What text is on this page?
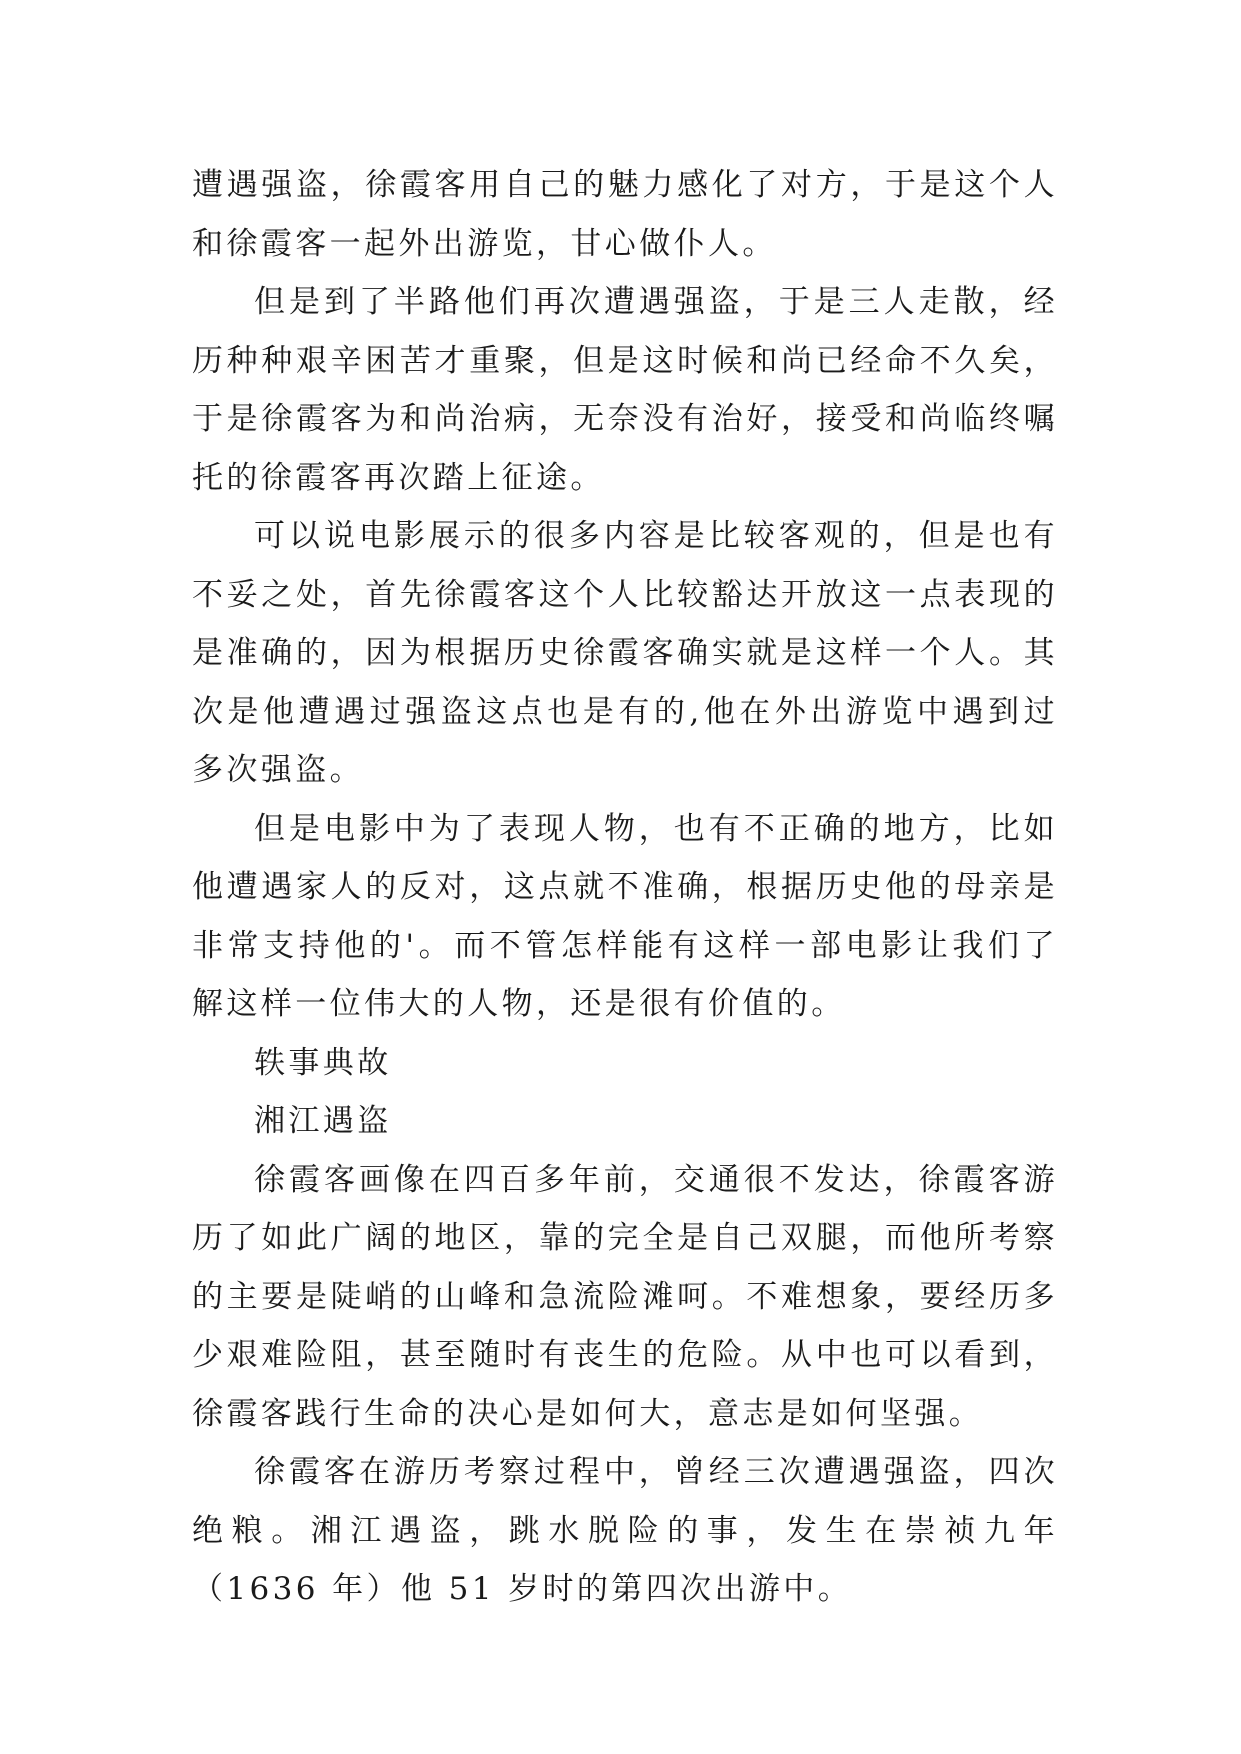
遭遇强盗，徐霞客用自己的魅力感化了对方，于是这个人和徐霞客一起外出游览，甘心做仆人。

但是到了半路他们再次遭遇强盗，于是三人走散，经历种种艰辛困苦才重聚，但是这时候和尚已经命不久矣，于是徐霞客为和尚治病，无奈没有治好，接受和尚临终嘱托的徐霞客再次踏上征途。

可以说电影展示的很多内容是比较客观的，但是也有不妥之处，首先徐霞客这个人比较豁达开放这一点表现的是准确的，因为根据历史徐霞客确实就是这样一个人。其次是他遭遇过强盗这点也是有的,他在外出游览中遇到过多次强盗。

但是电影中为了表现人物，也有不正确的地方，比如他遭遇家人的反对，这点就不准确，根据历史他的母亲是非常支持他的'。而不管怎样能有这样一部电影让我们了解这样一位伟大的人物，还是很有价值的。

轶事典故

湘江遇盗

徐霞客画像在四百多年前，交通很不发达，徐霞客游历了如此广阔的地区，靠的完全是自己双腿，而他所考察的主要是陡峭的山峰和急流险滩呵。不难想象，要经历多少艰难险阻，甚至随时有丧生的危险。从中也可以看到，徐霞客践行生命的决心是如何大，意志是如何坚强。

徐霞客在游历考察过程中，曾经三次遭遇强盗，四次绝粮。湘江遇盗，跳水脱险的事，发生在崇祯九年（1636 年）他 51 岁时的第四次出游中。
